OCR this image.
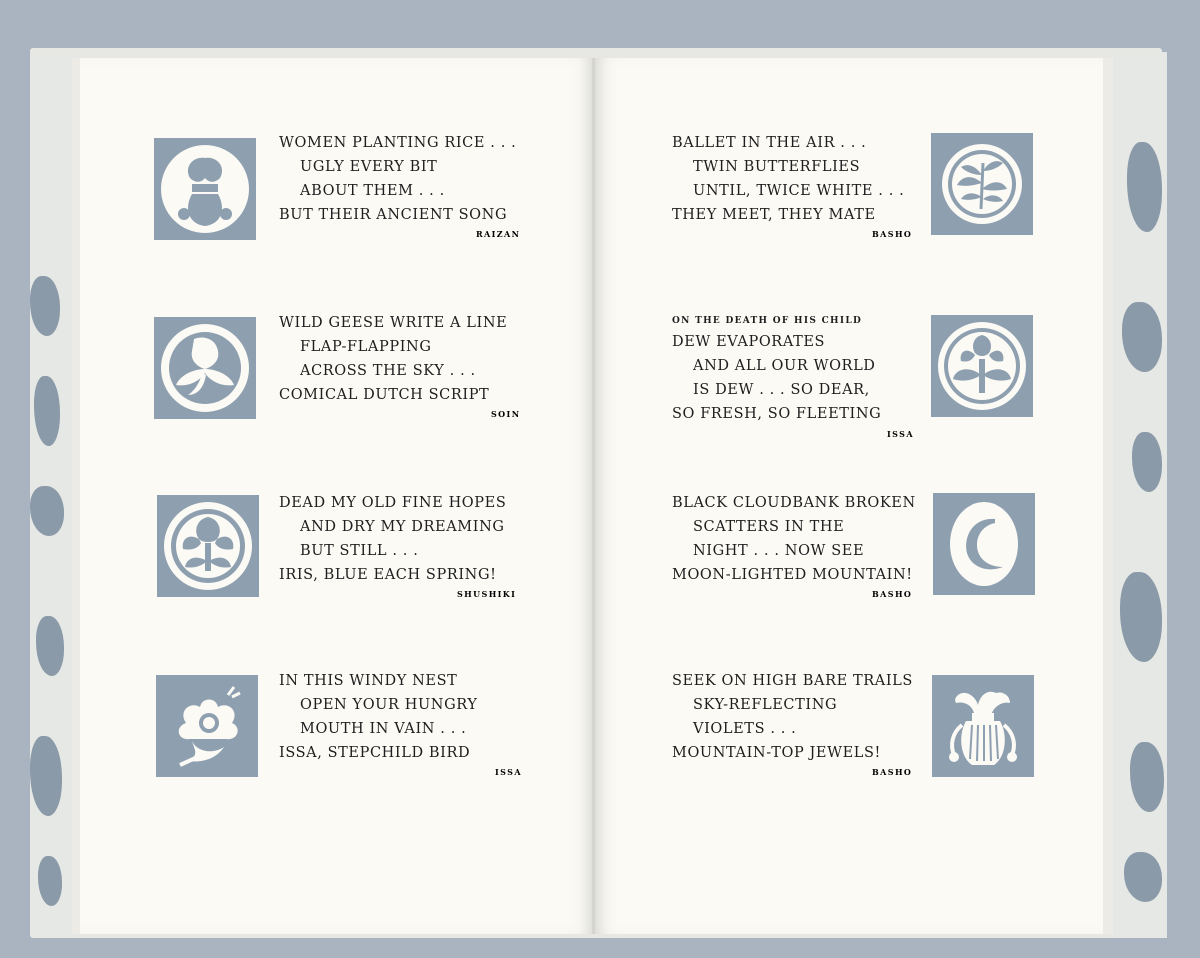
WOMEN PLANTING RICE . . .
UGLY EVERY BIT
ABOUT THEM . . .
BUT THEIR ANCIENT SONG
RAIZAN
WILD GEESE WRITE A LINE
FLAP-FLAPPING
ACROSS THE SKY . . .
COMICAL DUTCH SCRIPT
SOIN
DEAD MY OLD FINE HOPES
AND DRY MY DREAMING
BUT STILL . . .
IRIS, BLUE EACH SPRING!
SHUSHIKI
IN THIS WINDY NEST
OPEN YOUR HUNGRY
MOUTH IN VAIN . . .
ISSA, STEPCHILD BIRD
ISSA
BALLET IN THE AIR . . .
TWIN BUTTERFLIES
UNTIL, TWICE WHITE . . .
THEY MEET, THEY MATE
BASHO
ON THE DEATH OF HIS CHILD
DEW EVAPORATES
AND ALL OUR WORLD
IS DEW . . . SO DEAR,
SO FRESH, SO FLEETING
ISSA
BLACK CLOUDBANK BROKEN
SCATTERS IN THE
NIGHT . . . NOW SEE
MOON-LIGHTED MOUNTAIN!
BASHO
SEEK ON HIGH BARE TRAILS
SKY-REFLECTING
VIOLETS . . .
MOUNTAIN-TOP JEWELS!
BASHO
